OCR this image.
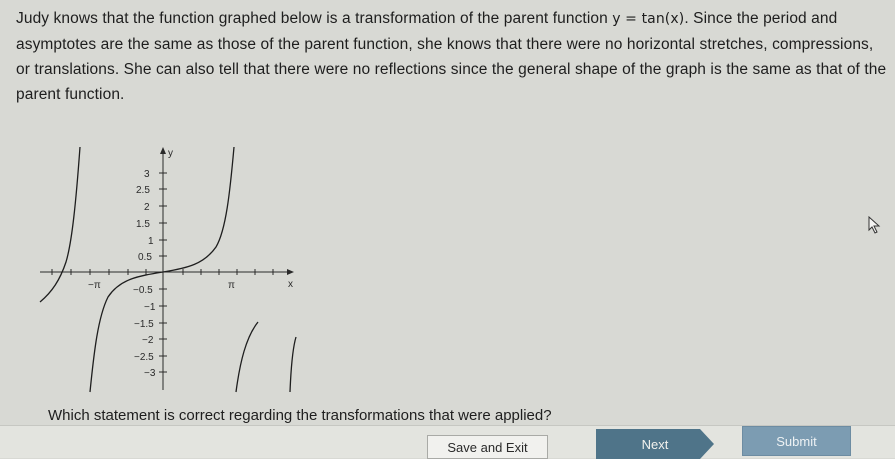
Judy knows that the function graphed below is a transformation of the parent function y = tan(x). Since the period and asymptotes are the same as those of the parent function, she knows that there were no horizontal stretches, compressions, or translations. She can also tell that there were no reflections since the general shape of the graph is the same as that of the parent function.
y
x
3
2.5
2
1.5
1
0.5
−0.5
−1
−1.5
−2
−2.5
−3
−π	π
Which statement is correct regarding the transformations that were applied?
Save and Exit	Next	Submit
